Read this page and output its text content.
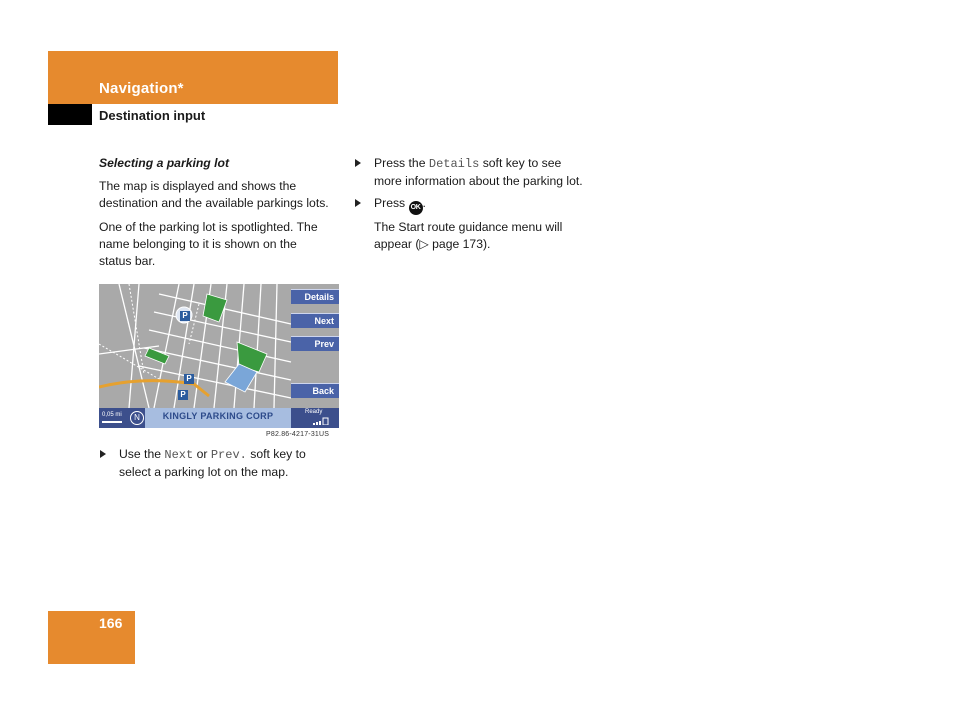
Navigation*
Destination input
Selecting a parking lot
The map is displayed and shows the
destination and the available parkings lots.
One of the parking lot is spotlighted. The
name belonging to it is shown on the
status bar.
P
P
P
Details
Next
Prev
Back
0,05 mi	N	KINGLY PARKING CORP	Ready
P82.86-4217-31US
Use the Next or Prev. soft key to
select a parking lot on the map.
Press the Details soft key to see
more information about the parking lot.
Press OK .
The Start route guidance menu will
appear (▷ page 173).
166
